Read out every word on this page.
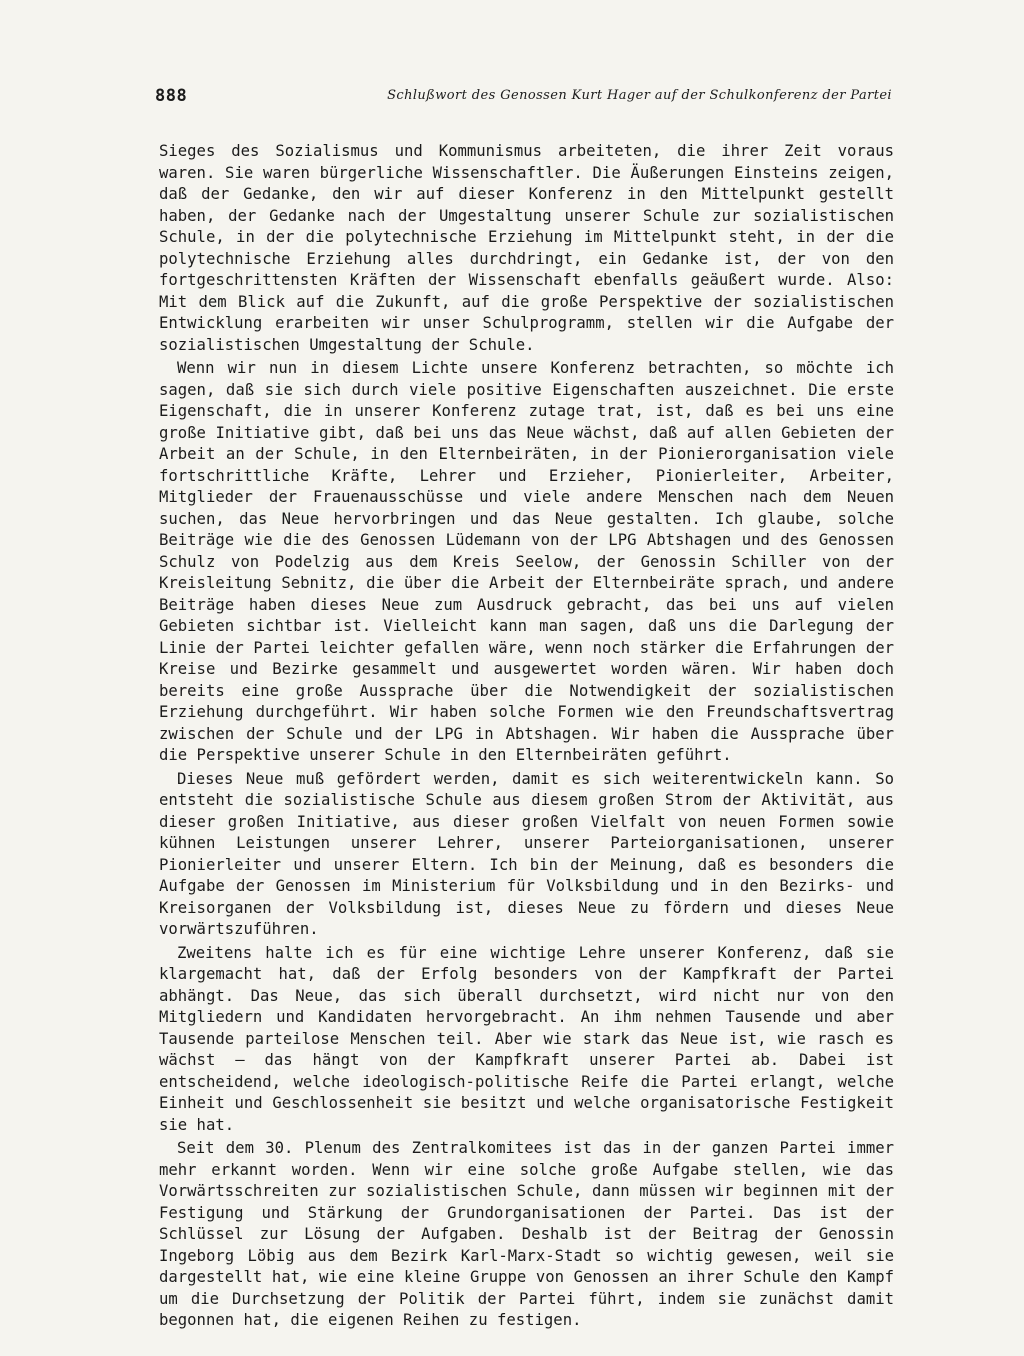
888	Schlußwort des Genossen Kurt Hager auf der Schulkonferenz der Partei

Sieges des Sozialismus und Kommunismus arbeiteten, die ihrer Zeit voraus waren. Sie waren bürgerliche Wissenschaftler. Die Äußerungen Einsteins zeigen, daß der Gedanke, den wir auf dieser Konferenz in den Mittelpunkt gestellt haben, der Gedanke nach der Umgestaltung unserer Schule zur sozialistischen Schule, in der die polytechnische Erziehung im Mittelpunkt steht, in der die polytechnische Erziehung alles durchdringt, ein Gedanke ist, der von den fortgeschrittensten Kräften der Wissenschaft ebenfalls geäußert wurde. Also: Mit dem Blick auf die Zukunft, auf die große Perspektive der sozialistischen Entwicklung erarbeiten wir unser Schulprogramm, stellen wir die Aufgabe der sozialistischen Umgestaltung der Schule.

Wenn wir nun in diesem Lichte unsere Konferenz betrachten, so möchte ich sagen, daß sie sich durch viele positive Eigenschaften auszeichnet. Die erste Eigenschaft, die in unserer Konferenz zutage trat, ist, daß es bei uns eine große Initiative gibt, daß bei uns das Neue wächst, daß auf allen Gebieten der Arbeit an der Schule, in den Elternbeiräten, in der Pionierorganisation viele fortschrittliche Kräfte, Lehrer und Erzieher, Pionierleiter, Arbeiter, Mitglieder der Frauenausschüsse und viele andere Menschen nach dem Neuen suchen, das Neue hervorbringen und das Neue gestalten. Ich glaube, solche Beiträge wie die des Genossen Lüdemann von der LPG Abtshagen und des Genossen Schulz von Podelzig aus dem Kreis Seelow, der Genossin Schiller von der Kreisleitung Sebnitz, die über die Arbeit der Elternbeiräte sprach, und andere Beiträge haben dieses Neue zum Ausdruck gebracht, das bei uns auf vielen Gebieten sichtbar ist. Vielleicht kann man sagen, daß uns die Darlegung der Linie der Partei leichter gefallen wäre, wenn noch stärker die Erfahrungen der Kreise und Bezirke gesammelt und ausgewertet worden wären. Wir haben doch bereits eine große Aussprache über die Notwendigkeit der sozialistischen Erziehung durchgeführt. Wir haben solche Formen wie den Freundschaftsvertrag zwischen der Schule und der LPG in Abtshagen. Wir haben die Aussprache über die Perspektive unserer Schule in den Elternbeiräten geführt.

Dieses Neue muß gefördert werden, damit es sich weiterentwickeln kann. So entsteht die sozialistische Schule aus diesem großen Strom der Aktivität, aus dieser großen Initiative, aus dieser großen Vielfalt von neuen Formen sowie kühnen Leistungen unserer Lehrer, unserer Parteiorganisationen, unserer Pionierleiter und unserer Eltern. Ich bin der Meinung, daß es besonders die Aufgabe der Genossen im Ministerium für Volksbildung und in den Bezirks- und Kreisorganen der Volksbildung ist, dieses Neue zu fördern und dieses Neue vorwärtszuführen.

Zweitens halte ich es für eine wichtige Lehre unserer Konferenz, daß sie klargemacht hat, daß der Erfolg besonders von der Kampfkraft der Partei abhängt. Das Neue, das sich überall durchsetzt, wird nicht nur von den Mitgliedern und Kandidaten hervorgebracht. An ihm nehmen Tausende und aber Tausende parteilose Menschen teil. Aber wie stark das Neue ist, wie rasch es wächst — das hängt von der Kampfkraft unserer Partei ab. Dabei ist entscheidend, welche ideologisch-politische Reife die Partei erlangt, welche Einheit und Geschlossenheit sie besitzt und welche organisatorische Festigkeit sie hat.

Seit dem 30. Plenum des Zentralkomitees ist das in der ganzen Partei immer mehr erkannt worden. Wenn wir eine solche große Aufgabe stellen, wie das Vorwärtsschreiten zur sozialistischen Schule, dann müssen wir beginnen mit der Festigung und Stärkung der Grundorganisationen der Partei. Das ist der Schlüssel zur Lösung der Aufgaben. Deshalb ist der Beitrag der Genossin Ingeborg Löbig aus dem Bezirk Karl-Marx-Stadt so wichtig gewesen, weil sie dargestellt hat, wie eine kleine Gruppe von Genossen an ihrer Schule den Kampf um die Durchsetzung der Politik der Partei führt, indem sie zunächst damit begonnen hat, die eigenen Reihen zu festigen.
